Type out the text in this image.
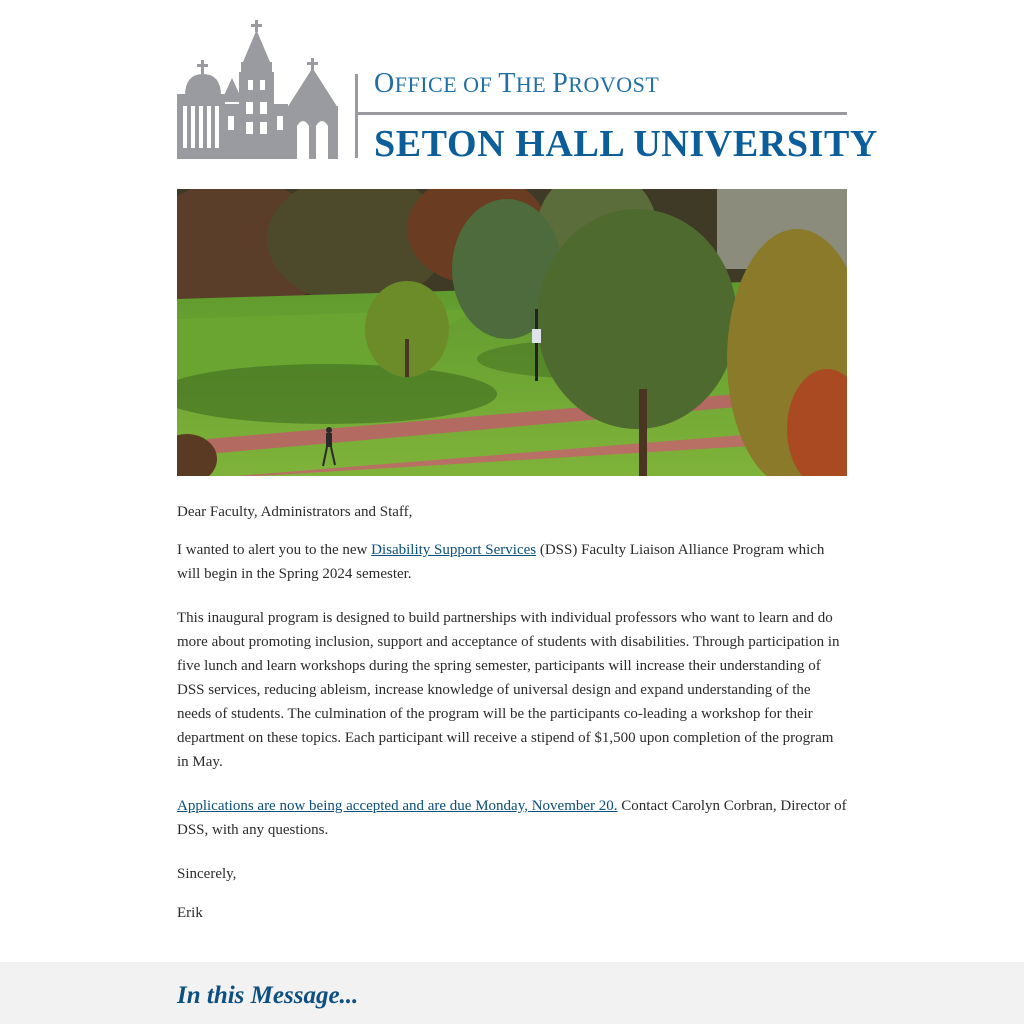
OFFICE OF THE PROVOST
SETON HALL UNIVERSITY

Dear Faculty, Administrators and Staff,

I wanted to alert you to the new Disability Support Services (DSS) Faculty Liaison Alliance Program which will begin in the Spring 2024 semester.

This inaugural program is designed to build partnerships with individual professors who want to learn and do more about promoting inclusion, support and acceptance of students with disabilities. Through participation in five lunch and learn workshops during the spring semester, participants will increase their understanding of DSS services, reducing ableism, increase knowledge of universal design and expand understanding of the needs of students. The culmination of the program will be the participants co-leading a workshop for their department on these topics. Each participant will receive a stipend of $1,500 upon completion of the program in May.

Applications are now being accepted and are due Monday, November 20. Contact Carolyn Corbran, Director of DSS, with any questions.

Sincerely,

Erik

In this Message...
